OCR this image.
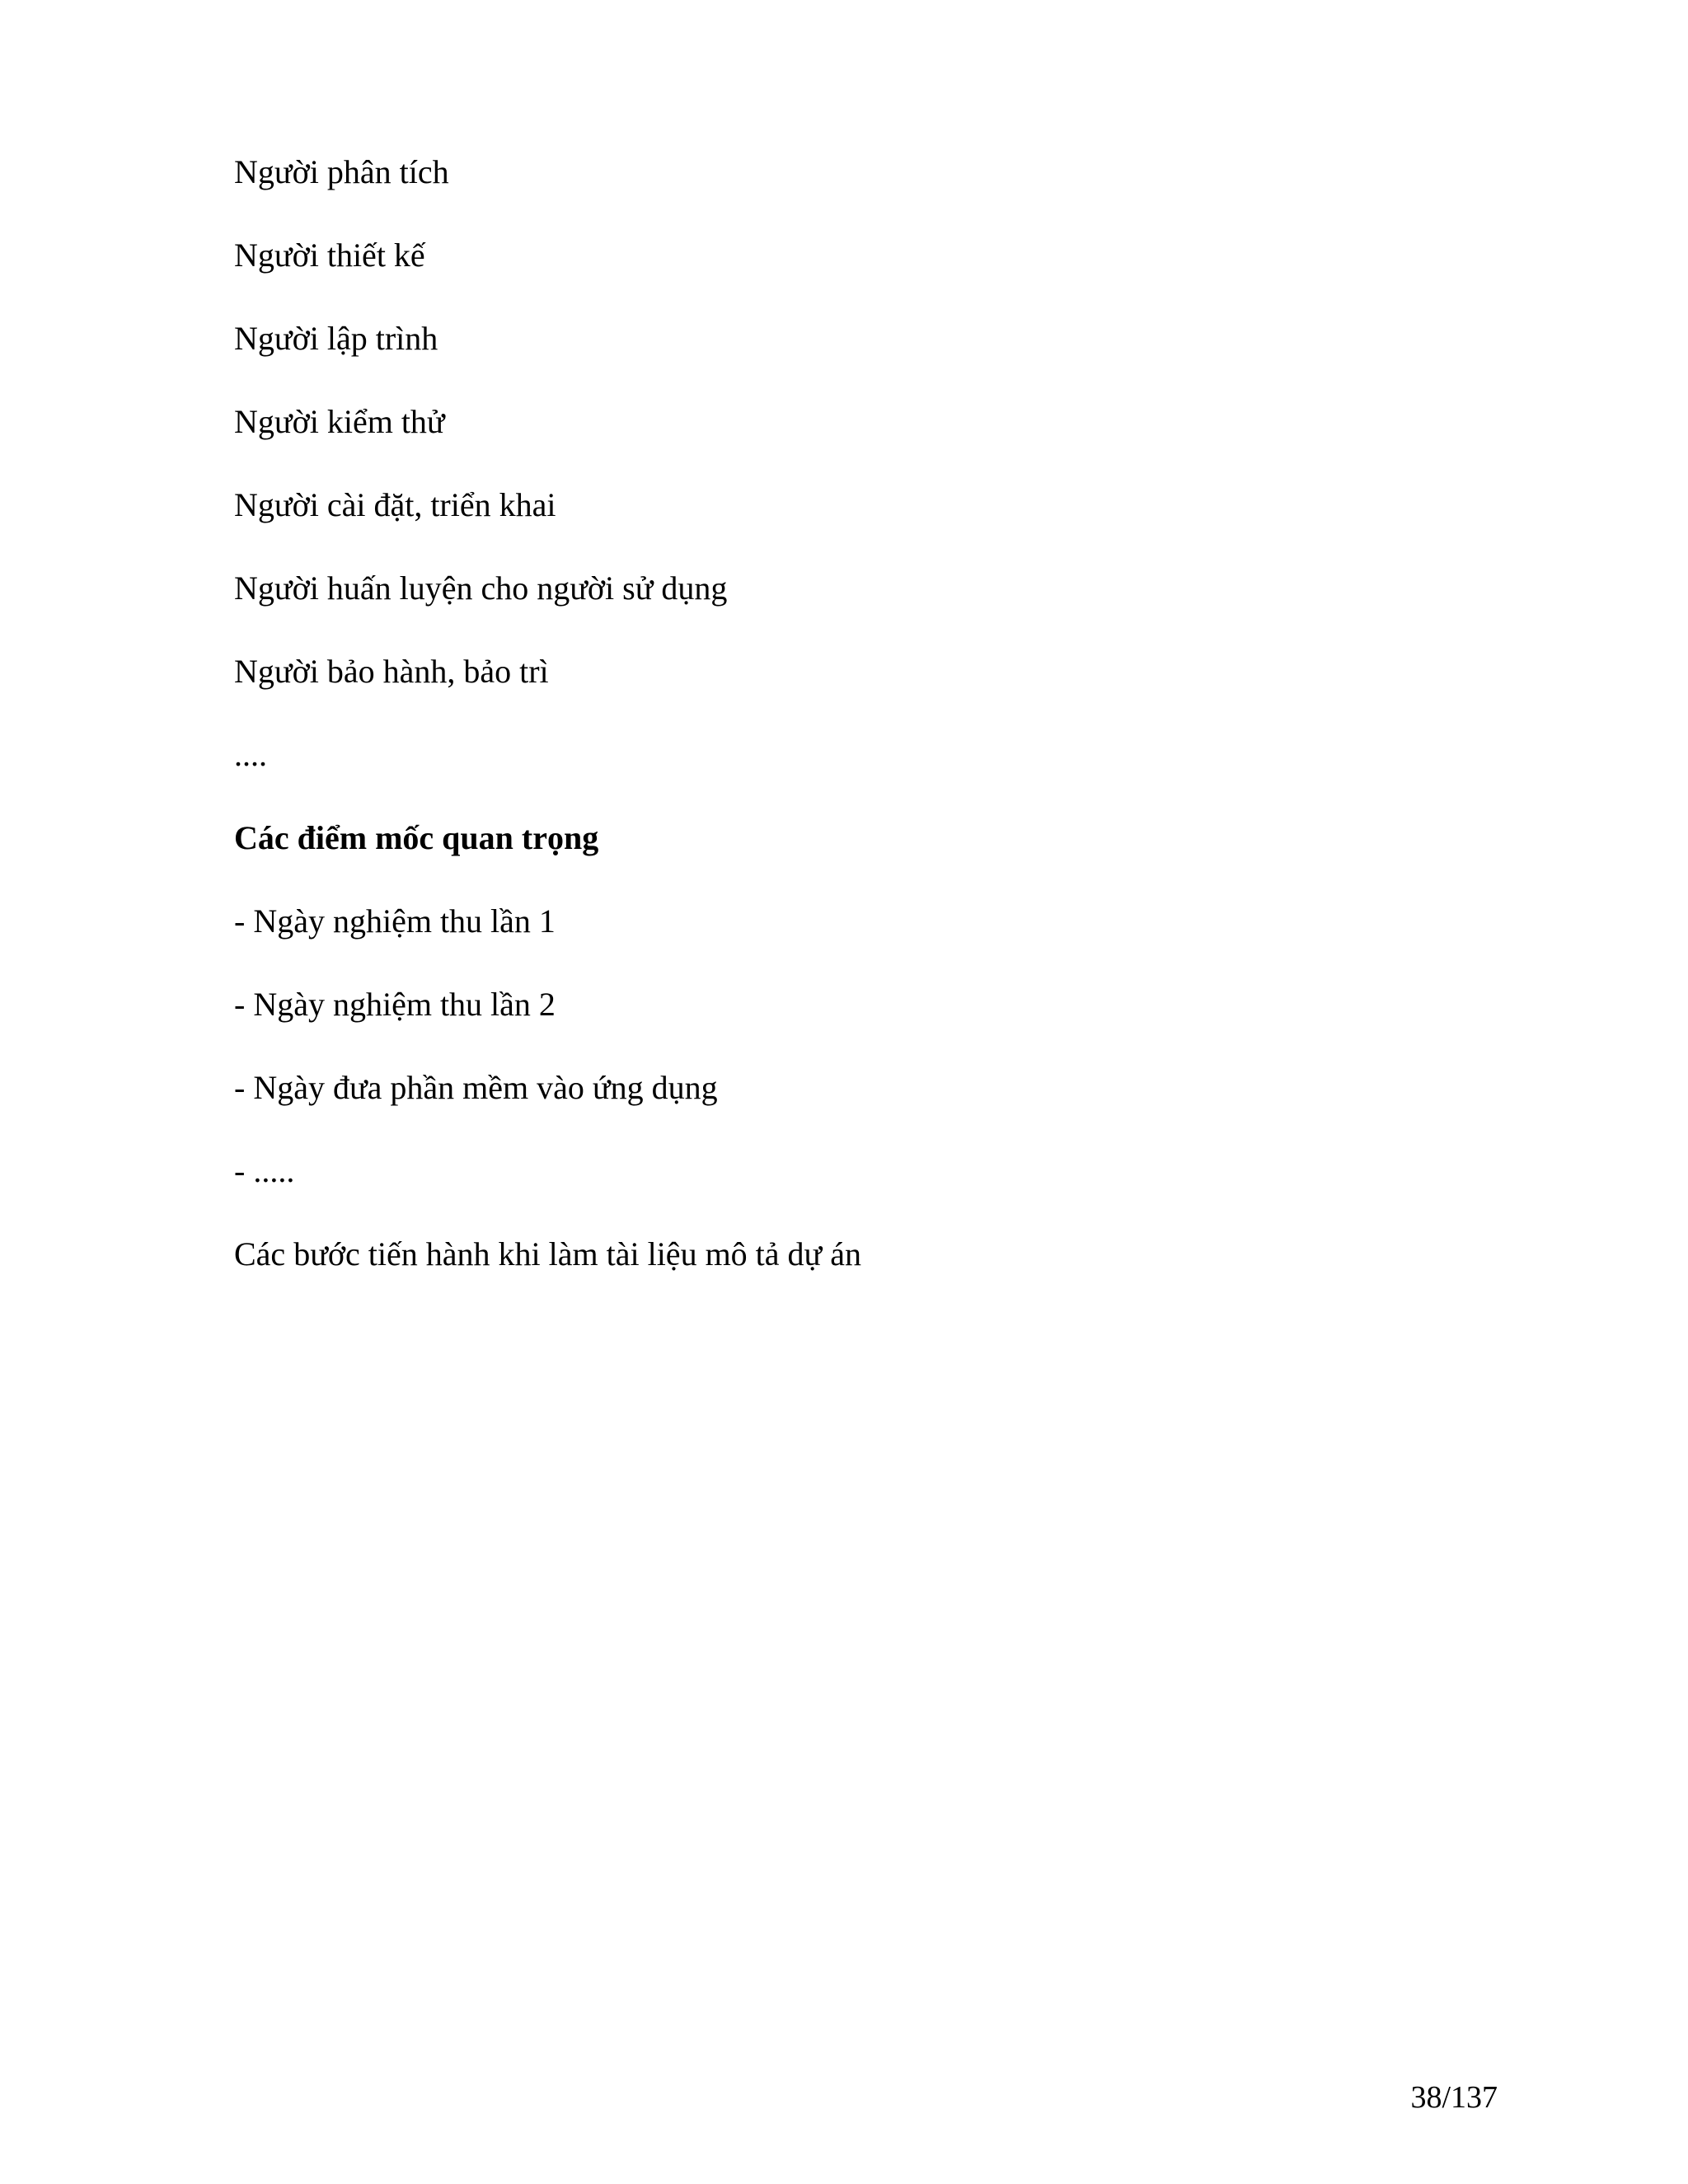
Người phân tích
Người thiết kế
Người lập trình
Người kiểm thử
Người cài đặt, triển khai
Người huấn luyện cho người sử dụng
Người bảo hành, bảo trì
....
Các điểm mốc quan trọng
- Ngày nghiệm thu lần 1
- Ngày nghiệm thu lần 2
- Ngày đưa phần mềm vào ứng dụng
- .....
Các bước tiến hành khi làm tài liệu mô tả dự án
38/137
